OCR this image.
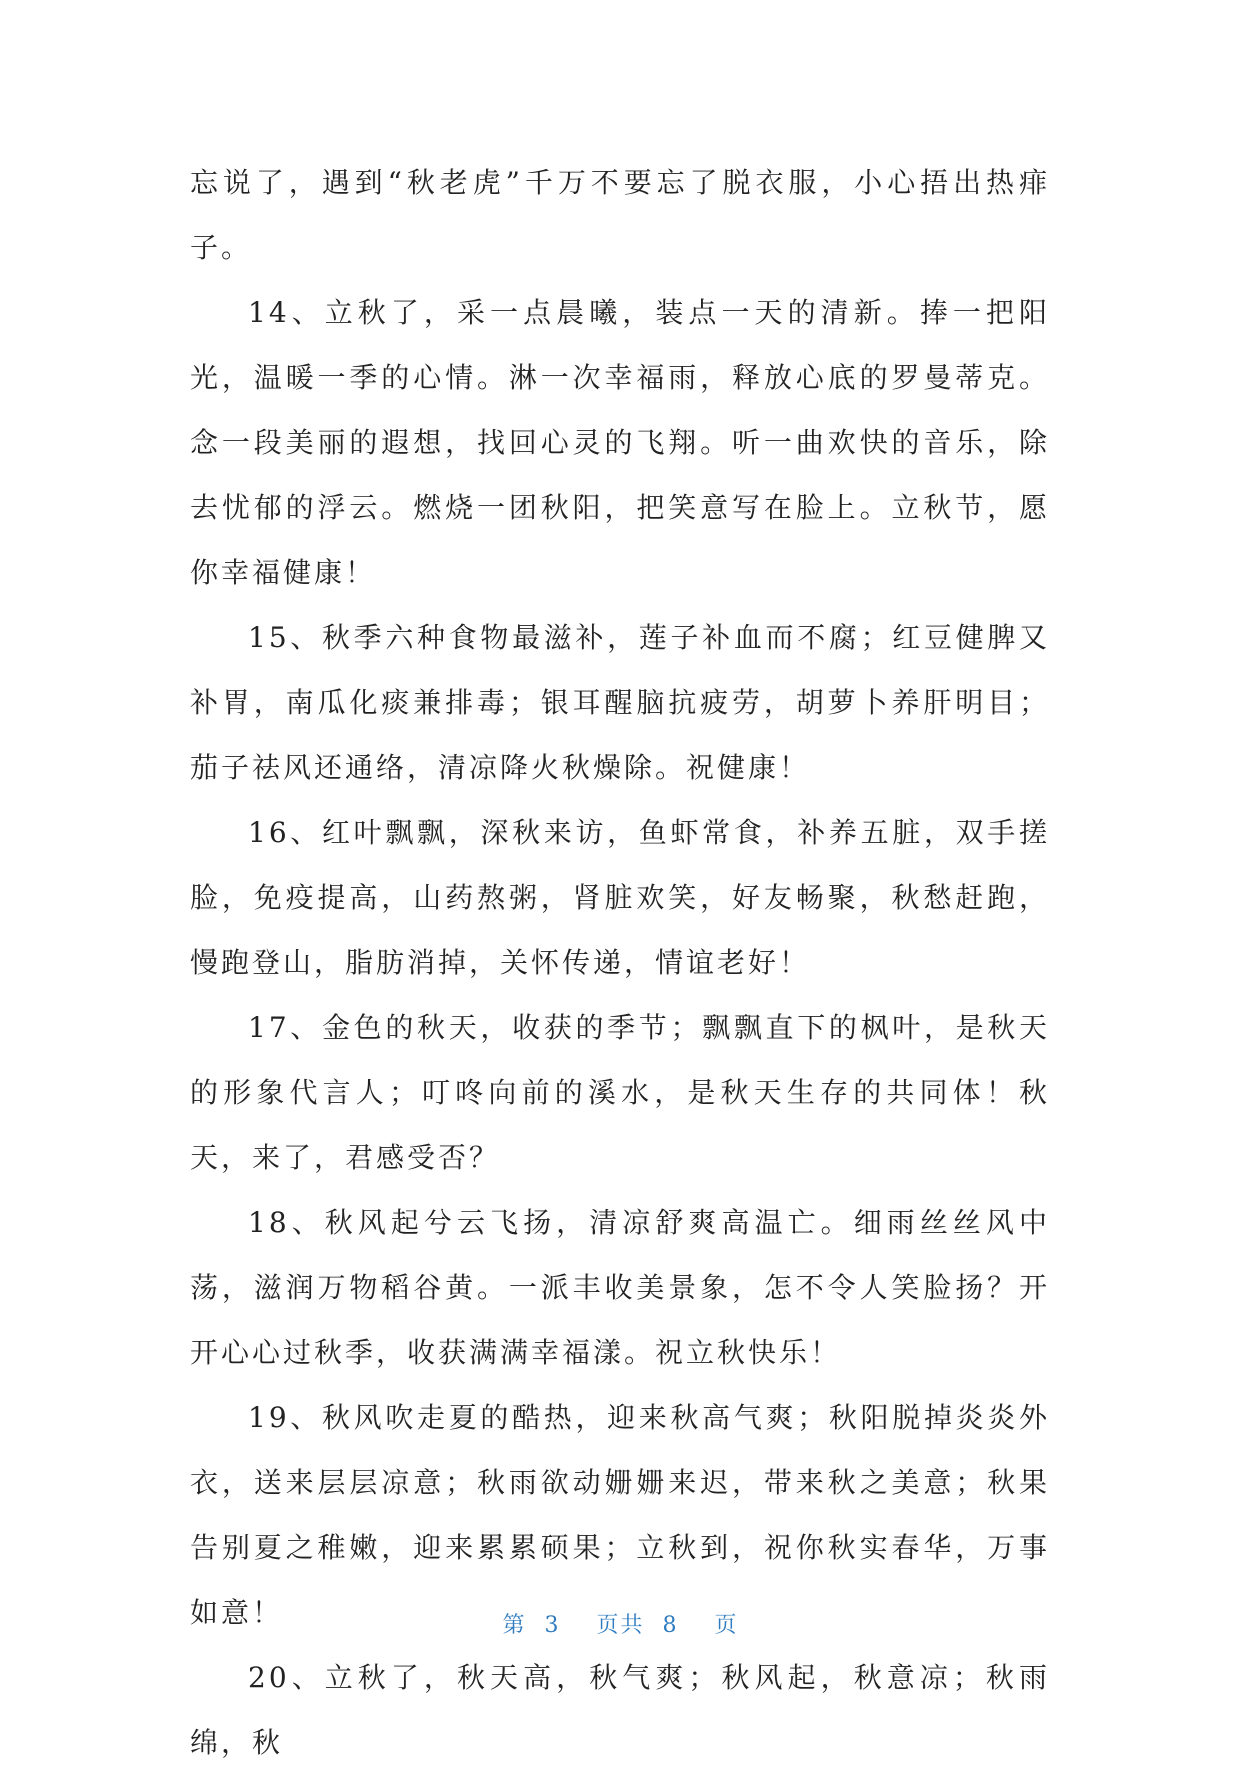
忘说了，遇到“秋老虎”千万不要忘了脱衣服，小心捂出热痱子。

14、立秋了，采一点晨曦，装点一天的清新。捧一把阳光，温暖一季的心情。淋一次幸福雨，释放心底的罗曼蒂克。念一段美丽的遐想，找回心灵的飞翔。听一曲欢快的音乐，除去忧郁的浮云。燃烧一团秋阳，把笑意写在脸上。立秋节，愿你幸福健康！

15、秋季六种食物最滋补，莲子补血而不腐；红豆健脾又补胃，南瓜化痰兼排毒；银耳醒脑抗疲劳，胡萝卜养肝明目；茄子祛风还通络，清凉降火秋燥除。祝健康！

16、红叶飘飘，深秋来访，鱼虾常食，补养五脏，双手搓脸，免疫提高，山药熬粥，肾脏欢笑，好友畅聚，秋愁赶跑，慢跑登山，脂肪消掉，关怀传递，情谊老好！

17、金色的秋天，收获的季节；飘飘直下的枫叶，是秋天的形象代言人；叮咚向前的溪水，是秋天生存的共同体！秋天，来了，君感受否？

18、秋风起兮云飞扬，清凉舒爽高温亡。细雨丝丝风中荡，滋润万物稻谷黄。一派丰收美景象，怎不令人笑脸扬？开开心心过秋季，收获满满幸福漾。祝立秋快乐！

19、秋风吹走夏的酷热，迎来秋高气爽；秋阳脱掉炎炎外衣，送来层层凉意；秋雨欲动姗姗来迟，带来秋之美意；秋果告别夏之稚嫩，迎来累累硕果；立秋到，祝你秋实春华，万事如意！

20、立秋了，秋天高，秋气爽；秋风起，秋意凉；秋雨绵，秋

第 3 页共 8 页
